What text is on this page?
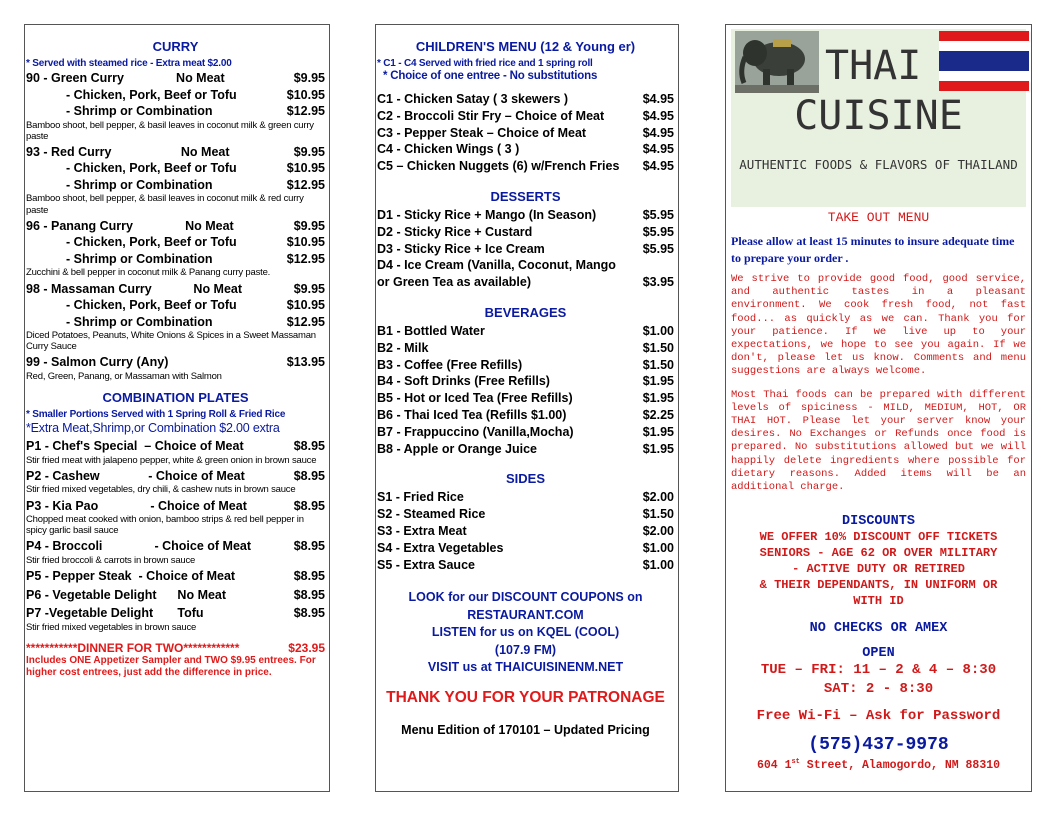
CURRY
* Served with steamed rice - Extra meat $2.00
90 - Green Curry               No Meat	$9.95
- Chicken, Pork, Beef or Tofu	$10.95
- Shrimp or Combination	$12.95
Bamboo shoot, bell pepper, & basil leaves in coconut milk & green curry paste
93 - Red Curry                    No Meat	$9.95
- Chicken, Pork, Beef or Tofu	$10.95
- Shrimp or Combination	$12.95
Bamboo shoot, bell pepper, & basil leaves in coconut milk & red curry paste
96 - Panang Curry               No Meat	$9.95
- Chicken, Pork, Beef or Tofu	$10.95
- Shrimp or Combination	$12.95
Zucchini & bell pepper in coconut milk & Panang curry paste.
98 - Massaman Curry            No Meat	$9.95
- Chicken, Pork, Beef or Tofu	$10.95
- Shrimp or Combination	$12.95
Diced Potatoes, Peanuts, White Onions & Spices in a Sweet Massaman Curry Sauce
99 - Salmon Curry (Any)	$13.95
Red, Green, Panang, or Massaman with Salmon
COMBINATION PLATES
* Smaller Portions Served with 1 Spring Roll & Fried Rice
*Extra Meat,Shrimp,or Combination $2.00 extra
P1 - Chef's Special  – Choice of Meat	$8.95
Stir fried meat with jalapeno pepper, white & green onion in brown sauce
P2 - Cashew              - Choice of Meat	$8.95
Stir fried mixed vegetables, dry chili, & cashew nuts in brown sauce
P3 - Kia Pao               - Choice of Meat	$8.95
Chopped meat cooked with onion, bamboo strips & red bell pepper in spicy garlic basil sauce
P4 - Broccoli               - Choice of Meat	$8.95
Stir fried broccoli & carrots in brown sauce
P5 - Pepper Steak  - Choice of Meat	$8.95
P6 - Vegetable Delight      No Meat	$8.95
P7 -Vegetable Delight       Tofu	$8.95
Stir fried mixed vegetables in brown sauce
***********DINNER FOR TWO************	$23.95
Includes ONE Appetizer Sampler and TWO $9.95 entrees. For higher cost entrees, just add the difference in price.
CHILDREN'S MENU (12 & Young er)
* C1 - C4 Served with fried rice and 1 spring roll
* Choice of one entree - No substitutions
C1 - Chicken Satay ( 3 skewers )	$4.95
C2 - Broccoli Stir Fry – Choice of Meat	$4.95
C3 - Pepper Steak – Choice of Meat	$4.95
C4 - Chicken Wings ( 3 )	$4.95
C5 – Chicken Nuggets (6) w/French Fries $4.95
DESSERTS
D1 - Sticky Rice + Mango (In Season)	$5.95
D2 - Sticky Rice + Custard	$5.95
D3 - Sticky Rice + Ice Cream	$5.95
D4 - Ice Cream (Vanilla, Coconut, Mango
or Green Tea as available)	$3.95
BEVERAGES
B1 - Bottled Water	$1.00
B2 - Milk	$1.50
B3 - Coffee (Free Refills)	$1.50
B4 - Soft Drinks (Free Refills)	$1.95
B5 - Hot or Iced Tea (Free Refills)	$1.95
B6 - Thai Iced Tea (Refills $1.00)	$2.25
B7 - Frappuccino (Vanilla,Mocha)	$1.95
B8 - Apple or Orange Juice	$1.95
SIDES
S1 - Fried Rice	$2.00
S2 - Steamed Rice	$1.50
S3 - Extra Meat	$2.00
S4 - Extra Vegetables	$1.00
S5 - Extra Sauce	$1.00
LOOK for our DISCOUNT COUPONS on
RESTAURANT.COM
LISTEN for us on KQEL (COOL)
(107.9 FM)
VISIT us at THAICUISINENM.NET
THANK YOU FOR YOUR PATRONAGE
Menu Edition of 170101 – Updated Pricing
THAI
CUISINE
AUTHENTIC FOODS & FLAVORS OF THAILAND
TAKE OUT MENU
Please allow at least 15 minutes to insure adequate time to prepare your order .
We strive to provide good food, good service, and authentic tastes in a pleasant environment. We cook fresh food, not fast food... as quickly as we can. Thank you for your patience. If we live up to your expectations, we hope to see you again. If we don't, please let us know. Comments and menu suggestions are always welcome.
Most Thai foods can be prepared with different levels of spiciness - MILD, MEDIUM, HOT, OR THAI HOT. Please let your server know your desires. No Exchanges or Refunds once food is prepared. No substitutions allowed but we will happily delete ingredients where possible for dietary reasons. Added items will be an additional charge.
DISCOUNTS
WE OFFER 10% DISCOUNT OFF TICKETS
SENIORS - AGE 62 OR OVER MILITARY
- ACTIVE DUTY OR RETIRED
& THEIR DEPENDANTS, IN UNIFORM OR
WITH ID
NO CHECKS OR AMEX
OPEN
TUE – FRI: 11 – 2 & 4 – 8:30
SAT: 2 - 8:30
Free Wi-Fi – Ask for Password
(575)437-9978
604 1st Street, Alamogordo, NM 88310
